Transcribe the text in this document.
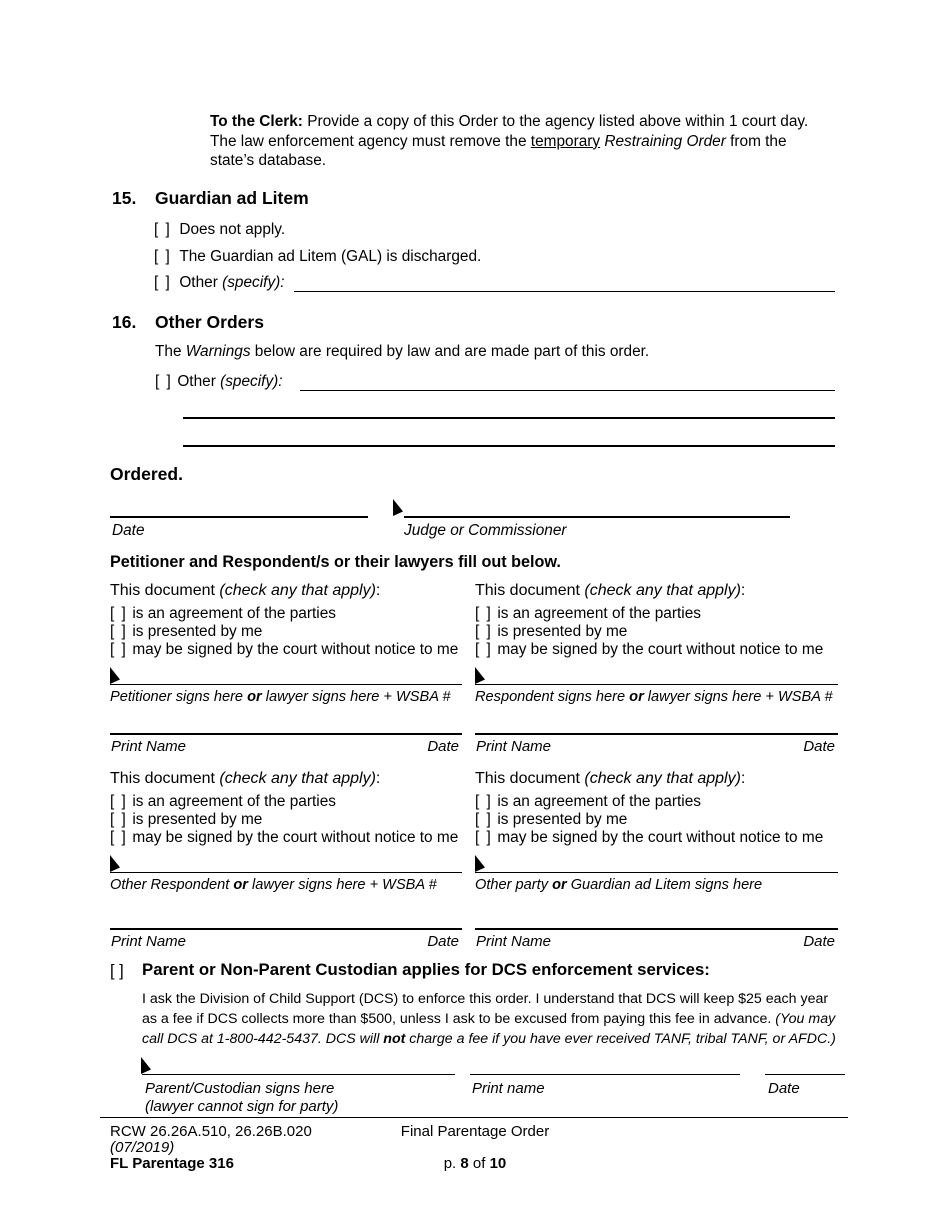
To the Clerk: Provide a copy of this Order to the agency listed above within 1 court day.
The law enforcement agency must remove the temporary Restraining Order from the
state’s database.
15. Guardian ad Litem
[ ] Does not apply.
[ ] The Guardian ad Litem (GAL) is discharged.
[ ] Other (specify):
16. Other Orders
The Warnings below are required by law and are made part of this order.
[ ] Other (specify):
Ordered.
Date	Judge or Commissioner
Petitioner and Respondent/s or their lawyers fill out below.
This document (check any that apply):
[ ] is an agreement of the parties
[ ] is presented by me
[ ] may be signed by the court without notice to me
Petitioner signs here or lawyer signs here + WSBA #
Print Name	Date
This document (check any that apply):
[ ] is an agreement of the parties
[ ] is presented by me
[ ] may be signed by the court without notice to me
Respondent signs here or lawyer signs here + WSBA #
Print Name	Date
This document (check any that apply):
[ ] is an agreement of the parties
[ ] is presented by me
[ ] may be signed by the court without notice to me
Other Respondent or lawyer signs here + WSBA #
Print Name	Date
This document (check any that apply):
[ ] is an agreement of the parties
[ ] is presented by me
[ ] may be signed by the court without notice to me
Other party or Guardian ad Litem signs here
Print Name	Date
[ ] Parent or Non-Parent Custodian applies for DCS enforcement services:
I ask the Division of Child Support (DCS) to enforce this order. I understand that DCS will keep $25 each year
as a fee if DCS collects more than $500, unless I ask to be excused from paying this fee in advance. (You may
call DCS at 1-800-442-5437. DCS will not charge a fee if you have ever received TANF, tribal TANF, or AFDC.)
Parent/Custodian signs here
(lawyer cannot sign for party)
Print name	Date
RCW 26.26A.510, 26.26B.020
(07/2019)
FL Parentage 316
Final Parentage Order
p. 8 of 10
